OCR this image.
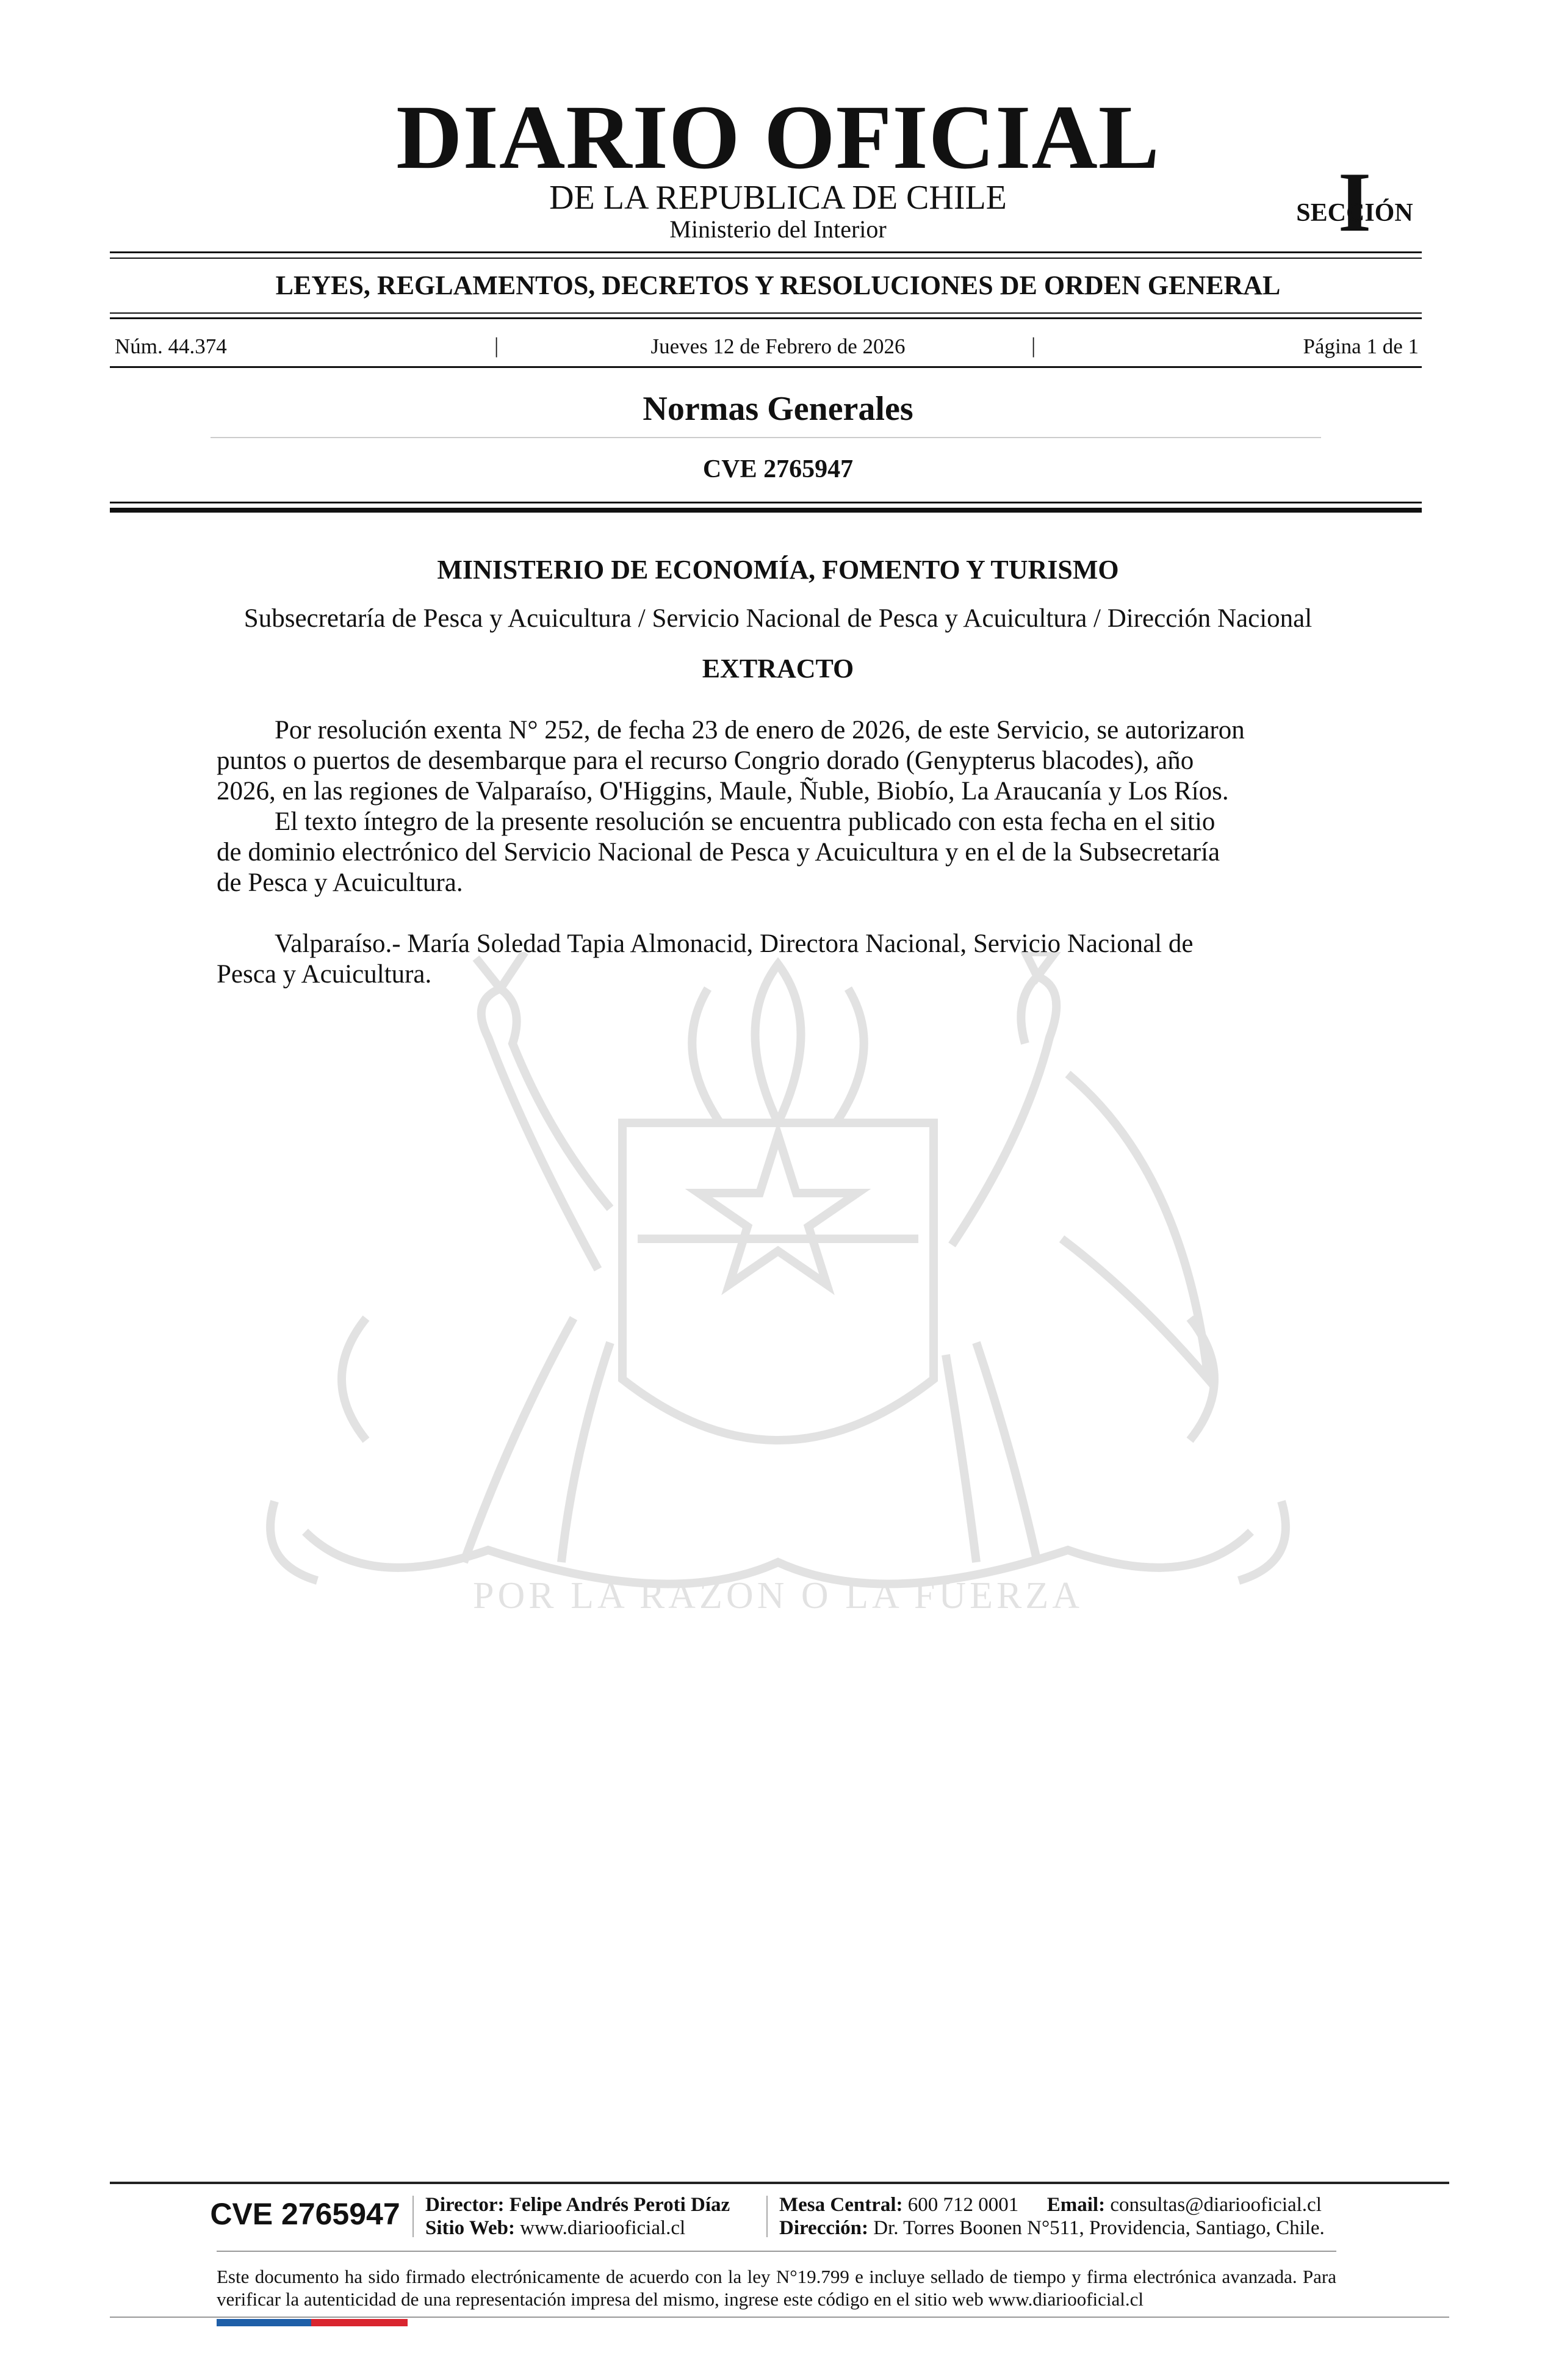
DIARIO OFICIAL
DE LA REPUBLICA DE CHILE
Ministerio del Interior	I
SECCIÓN
LEYES, REGLAMENTOS, DECRETOS Y RESOLUCIONES DE ORDEN GENERAL
Núm. 44.374	|	Jueves 12 de Febrero de 2026	|	Página 1 de 1
Normas Generales
CVE 2765947
POR LA RAZON O LA FUERZA
MINISTERIO DE ECONOMÍA, FOMENTO Y TURISMO
Subsecretaría de Pesca y Acuicultura / Servicio Nacional de Pesca y Acuicultura / Dirección Nacional
EXTRACTO
Por resolución exenta N° 252, de fecha 23 de enero de 2026, de este Servicio, se autorizaron
puntos o puertos de desembarque para el recurso Congrio dorado (Genypterus blacodes), año
2026, en las regiones de Valparaíso, O'Higgins, Maule, Ñuble, Biobío, La Araucanía y Los Ríos.
El texto íntegro de la presente resolución se encuentra publicado con esta fecha en el sitio
de dominio electrónico del Servicio Nacional de Pesca y Acuicultura y en el de la Subsecretaría
de Pesca y Acuicultura.
Valparaíso.- María Soledad Tapia Almonacid, Directora Nacional, Servicio Nacional de
Pesca y Acuicultura.
CVE 2765947 Director: Felipe Andrés Peroti Díaz
Sitio Web: www.diariooficial.cl
Mesa Central: 600 712 0001 Email: consultas@diariooficial.cl
Dirección: Dr. Torres Boonen N°511, Providencia, Santiago, Chile.
Este documento ha sido firmado electrónicamente de acuerdo con la ley N°19.799 e incluye sellado de tiempo y firma electrónica avanzada. Para verificar la autenticidad de una representación impresa del mismo, ingrese este código en el sitio web www.diariooficial.cl
